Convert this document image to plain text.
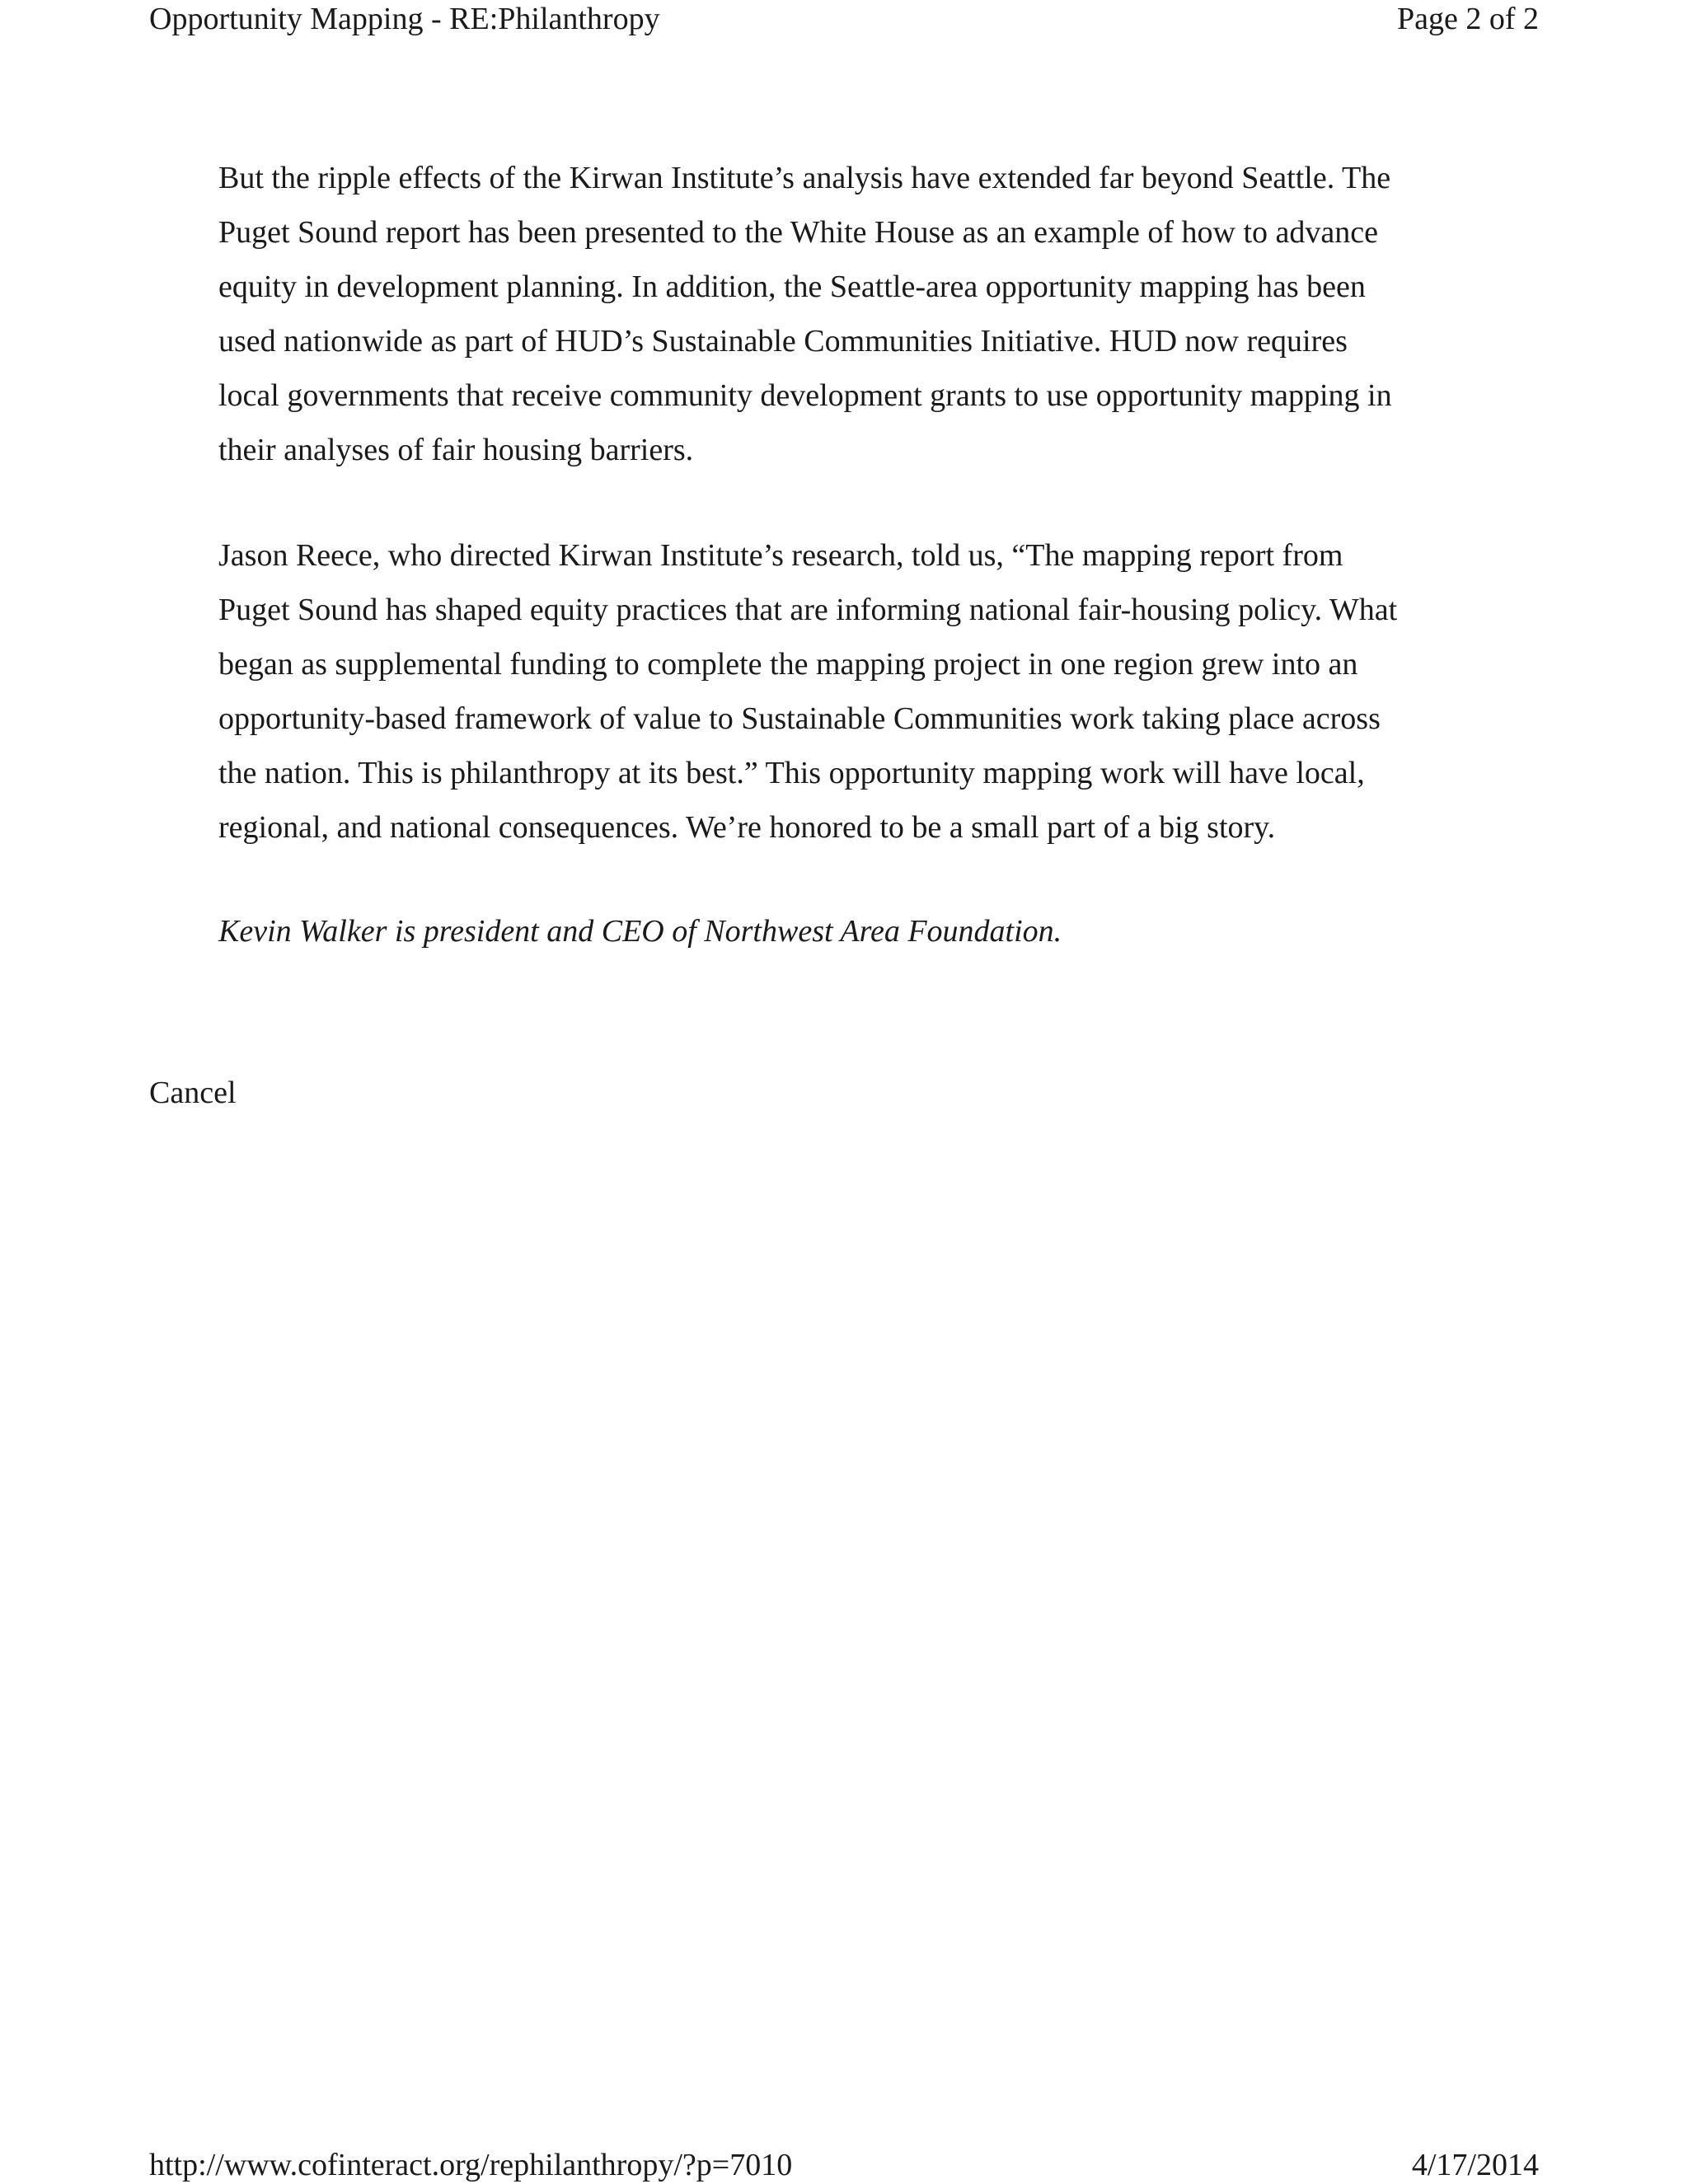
Opportunity Mapping - RE:Philanthropy	Page 2 of 2

But the ripple effects of the Kirwan Institute’s analysis have extended far beyond Seattle. The Puget Sound report has been presented to the White House as an example of how to advance equity in development planning. In addition, the Seattle-area opportunity mapping has been used nationwide as part of HUD’s Sustainable Communities Initiative. HUD now requires local governments that receive community development grants to use opportunity mapping in their analyses of fair housing barriers.

Jason Reece, who directed Kirwan Institute’s research, told us, “The mapping report from Puget Sound has shaped equity practices that are informing national fair-housing policy. What began as supplemental funding to complete the mapping project in one region grew into an opportunity-based framework of value to Sustainable Communities work taking place across the nation. This is philanthropy at its best.” This opportunity mapping work will have local, regional, and national consequences. We’re honored to be a small part of a big story.

Kevin Walker is president and CEO of Northwest Area Foundation.

Cancel
http://www.cofinteract.org/rephilanthropy/?p=7010	4/17/2014
